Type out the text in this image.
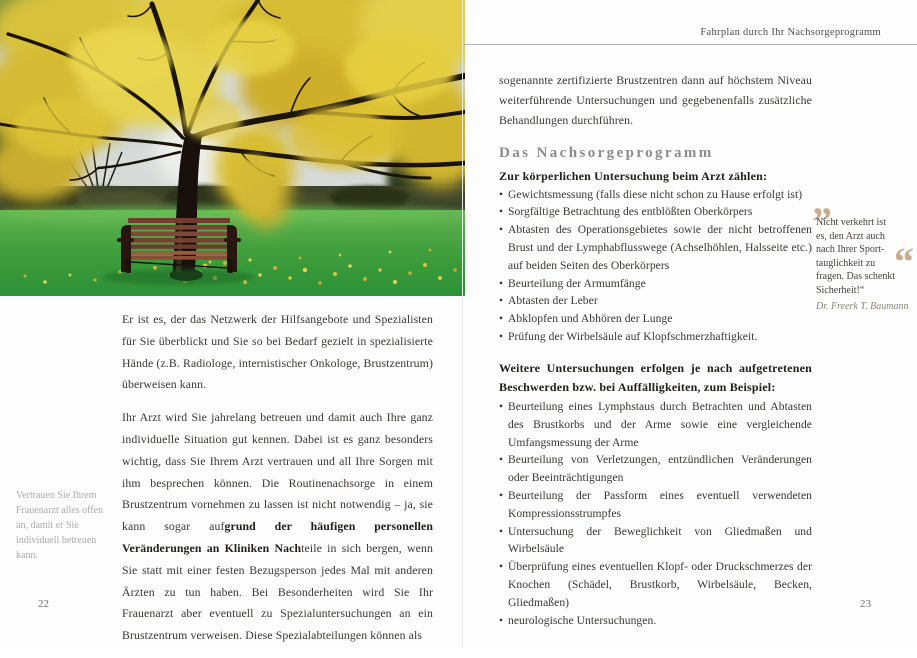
Er ist es, der das Netzwerk der Hilfsangebote und Spezialisten für Sie überblickt und Sie so bei Bedarf gezielt in spezialisierte Hände (z.B. Radiologe, internistischer Onkologe, Brustzentrum) überweisen kann.

Ihr Arzt wird Sie jahrelang betreuen und damit auch Ihre ganz individuelle Situation gut kennen. Dabei ist es ganz besonders wichtig, dass Sie Ihrem Arzt vertrauen und all Ihre Sorgen mit ihm besprechen können. Die Routinenachsorge in einem Brustzentrum vornehmen zu lassen ist nicht notwendig – ja, sie kann sogar aufgrund der häufigen personellen Veränderungen an Kliniken Nachteile in sich bergen, wenn Sie statt mit einer festen Bezugsperson jedes Mal mit anderen Ärzten zu tun haben. Bei Besonderheiten wird Sie Ihr Frauenarzt aber eventuell zu Spezialuntersuchungen an ein Brustzentrum verweisen. Diese Spezialabteilungen können als

Vertrauen Sie Ihrem Frauenarzt alles offen an, damit er Sie individuell betreuen kann.
22
Fahrplan durch Ihr Nachsorgeprogramm

sogenannte zertifizierte Brustzentren dann auf höchstem Niveau weiterführende Untersuchungen und gegebenenfalls zusätzliche Behandlungen durchführen.

Das Nachsorgeprogramm

Zur körperlichen Untersuchung beim Arzt zählen:

• Gewichtsmessung (falls diese nicht schon zu Hause erfolgt ist)
• Sorgfältige Betrachtung des entblößten Oberkörpers
• Abtasten des Operationsgebietes sowie der nicht betroffenen Brust und der Lymphabflusswege (Achselhöhlen, Halsseite etc.) auf beiden Seiten des Oberkörpers
• Beurteilung der Armumfänge
• Abtasten der Leber
• Abklopfen und Abhören der Lunge
• Prüfung der Wirbelsäule auf Klopfschmerzhaftigkeit.

Weitere Untersuchungen erfolgen je nach aufgetretenen Beschwerden bzw. bei Auffälligkeiten, zum Beispiel:

• Beurteilung eines Lymphstaus durch Betrachten und Abtasten des Brustkorbs und der Arme sowie eine vergleichende Umfangsmessung der Arme
• Beurteilung von Verletzungen, entzündlichen Veränderungen oder Beeinträchtigungen
• Beurteilung der Passform eines eventuell verwendeten Kompressionsstrumpfes
• Untersuchung der Beweglichkeit von Gliedmaßen und Wirbelsäule
• Überprüfung eines eventuellen Klopf- oder Druckschmerzes der Knochen (Schädel, Brustkorb, Wirbelsäule, Becken, Gliedmaßen)
• neurologische Untersuchungen.
”
“
Nicht verkehrt ist
es, den Arzt auch
nach Ihrer Sport-
tauglichkeit zu
fragen. Das schenkt
Sicherheit!“
Dr. Freerk T. Baumann
23
